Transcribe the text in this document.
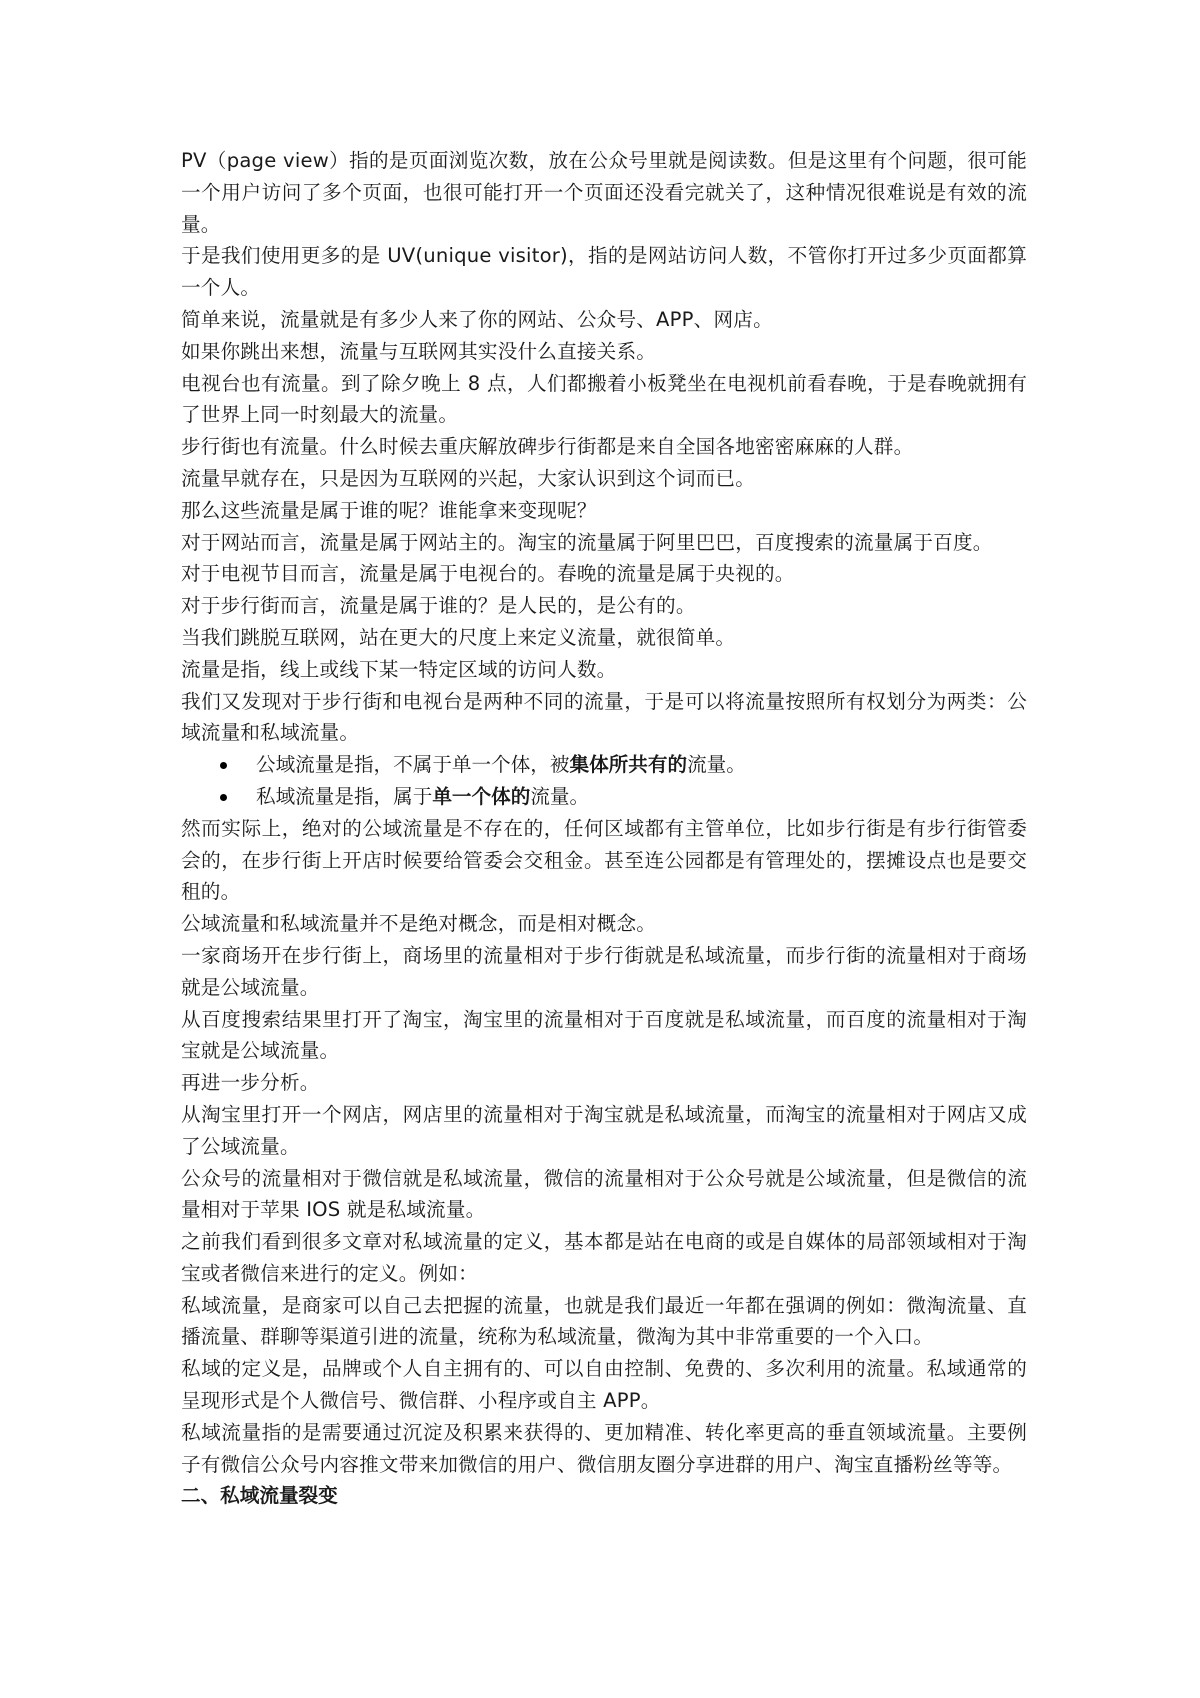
PV（page view）指的是页面浏览次数，放在公众号里就是阅读数。但是这里有个问题，很可能一个用户访问了多个页面，也很可能打开一个页面还没看完就关了，这种情况很难说是有效的流量。

于是我们使用更多的是 UV(unique visitor)，指的是网站访问人数，不管你打开过多少页面都算一个人。

简单来说，流量就是有多少人来了你的网站、公众号、APP、网店。

如果你跳出来想，流量与互联网其实没什么直接关系。

电视台也有流量。到了除夕晚上 8 点，人们都搬着小板凳坐在电视机前看春晚，于是春晚就拥有了世界上同一时刻最大的流量。

步行街也有流量。什么时候去重庆解放碑步行街都是来自全国各地密密麻麻的人群。

流量早就存在，只是因为互联网的兴起，大家认识到这个词而已。

那么这些流量是属于谁的呢？谁能拿来变现呢？

对于网站而言，流量是属于网站主的。淘宝的流量属于阿里巴巴，百度搜索的流量属于百度。

对于电视节目而言，流量是属于电视台的。春晚的流量是属于央视的。

对于步行街而言，流量是属于谁的？是人民的，是公有的。

当我们跳脱互联网，站在更大的尺度上来定义流量，就很简单。

流量是指，线上或线下某一特定区域的访问人数。

我们又发现对于步行街和电视台是两种不同的流量，于是可以将流量按照所有权划分为两类：公域流量和私域流量。

公域流量是指，不属于单一个体，被集体所共有的流量。
私域流量是指，属于单一个体的流量。

然而实际上，绝对的公域流量是不存在的，任何区域都有主管单位，比如步行街是有步行街管委会的，在步行街上开店时候要给管委会交租金。甚至连公园都是有管理处的，摆摊设点也是要交租的。

公域流量和私域流量并不是绝对概念，而是相对概念。

一家商场开在步行街上，商场里的流量相对于步行街就是私域流量，而步行街的流量相对于商场就是公域流量。

从百度搜索结果里打开了淘宝，淘宝里的流量相对于百度就是私域流量，而百度的流量相对于淘宝就是公域流量。

再进一步分析。

从淘宝里打开一个网店，网店里的流量相对于淘宝就是私域流量，而淘宝的流量相对于网店又成了公域流量。

公众号的流量相对于微信就是私域流量，微信的流量相对于公众号就是公域流量，但是微信的流量相对于苹果 IOS 就是私域流量。

之前我们看到很多文章对私域流量的定义，基本都是站在电商的或是自媒体的局部领域相对于淘宝或者微信来进行的定义。例如：

私域流量，是商家可以自己去把握的流量，也就是我们最近一年都在强调的例如：微淘流量、直播流量、群聊等渠道引进的流量，统称为私域流量，微淘为其中非常重要的一个入口。

私域的定义是，品牌或个人自主拥有的、可以自由控制、免费的、多次利用的流量。私域通常的呈现形式是个人微信号、微信群、小程序或自主 APP。

私域流量指的是需要通过沉淀及积累来获得的、更加精准、转化率更高的垂直领域流量。主要例子有微信公众号内容推文带来加微信的用户、微信朋友圈分享进群的用户、淘宝直播粉丝等等。

二、私域流量裂变
